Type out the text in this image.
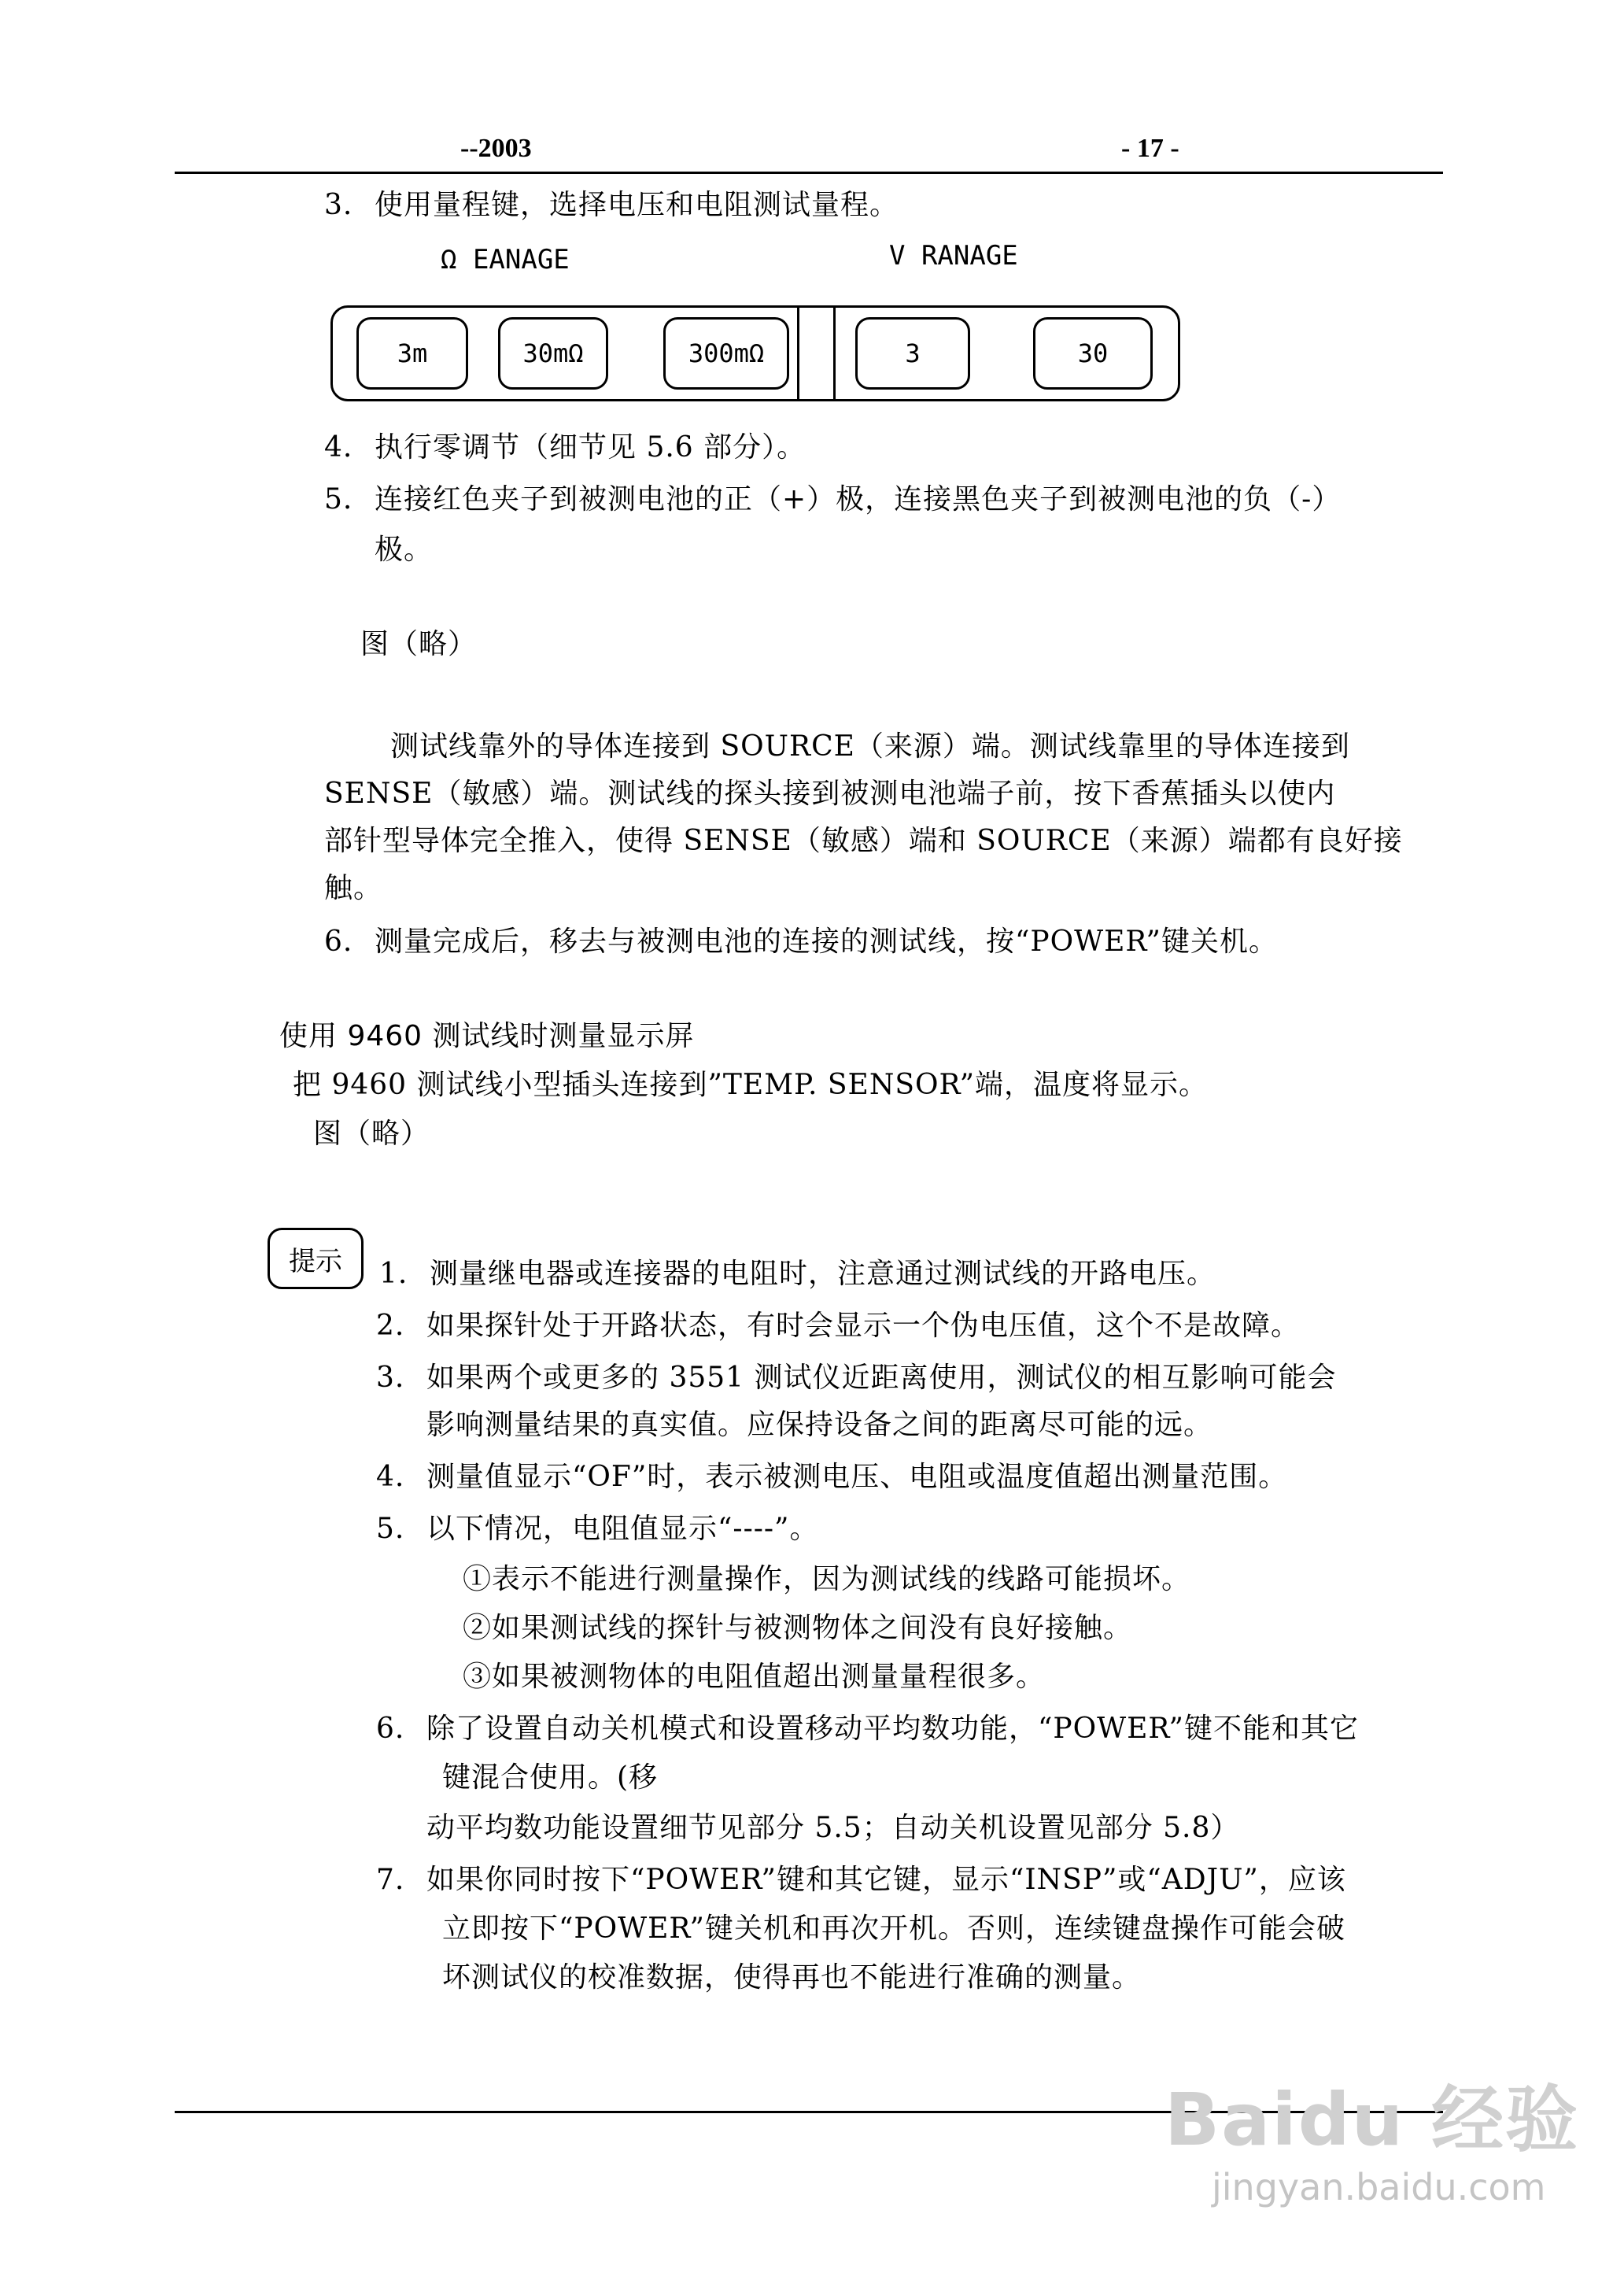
--2003	- 17 -
3. 使用量程键，选择电压和电阻测试量程。
Ω EANAGE	V RANAGE
3m	30mΩ	300mΩ	3	30
4. 执行零调节（细节见 5.6 部分）。
5. 连接红色夹子到被测电池的正（+）极，连接黑色夹子到被测电池的负（-）
极。
图（略）
测试线靠外的导体连接到 SOURCE（来源）端。测试线靠里的导体连接到
SENSE（敏感）端。测试线的探头接到被测电池端子前，按下香蕉插头以使内
部针型导体完全推入，使得 SENSE（敏感）端和 SOURCE（来源）端都有良好接
触。
6. 测量完成后，移去与被测电池的连接的测试线，按“POWER”键关机。
使用 9460 测试线时测量显示屏
把 9460 测试线小型插头连接到”TEMP. SENSOR”端，温度将显示。
图（略）
提示	1. 测量继电器或连接器的电阻时，注意通过测试线的开路电压。
2. 如果探针处于开路状态，有时会显示一个伪电压值，这个不是故障。
3. 如果两个或更多的 3551 测试仪近距离使用，测试仪的相互影响可能会
影响测量结果的真实值。应保持设备之间的距离尽可能的远。
4. 测量值显示“OF”时，表示被测电压、电阻或温度值超出测量范围。
5. 以下情况，电阻值显示“----”。
①表示不能进行测量操作，因为测试线的线路可能损坏。
②如果测试线的探针与被测物体之间没有良好接触。
③如果被测物体的电阻值超出测量量程很多。
6. 除了设置自动关机模式和设置移动平均数功能，“POWER”键不能和其它
键混合使用。(移
动平均数功能设置细节见部分 5.5；自动关机设置见部分 5.8）
7. 如果你同时按下“POWER”键和其它键，显示“INSP”或“ADJU”，应该
立即按下“POWER”键关机和再次开机。否则，连续键盘操作可能会破
坏测试仪的校准数据，使得再也不能进行准确的测量。
Baidu 经验
jingyan.baidu.com
